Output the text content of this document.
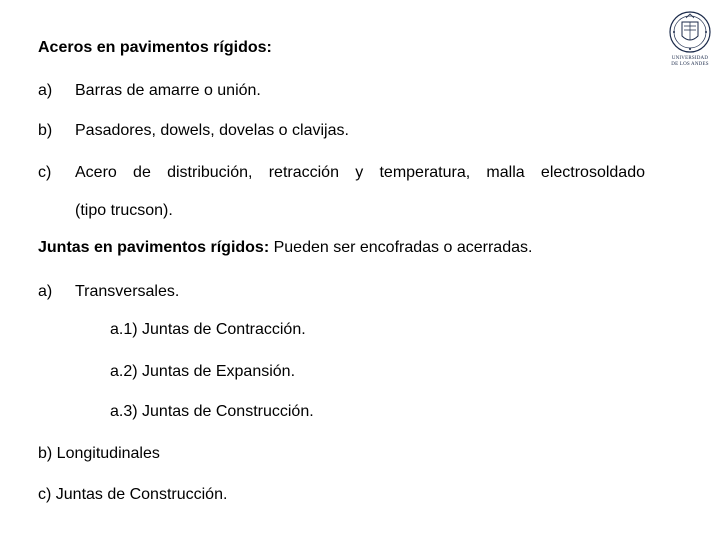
UNIVERSIDAD
DE LOS ANDES
Aceros en pavimentos rígidos:
a) Barras de amarre o unión.
b) Pasadores, dowels, dovelas o clavijas.
c) Acero de distribución, retracción y temperatura, malla electrosoldado
(tipo trucson).
Juntas en pavimentos rígidos: Pueden ser encofradas o acerradas.
a) Transversales.
a.1) Juntas de Contracción.
a.2) Juntas de Expansión.
a.3) Juntas de Construcción.
b) Longitudinales
c) Juntas de Construcción.
